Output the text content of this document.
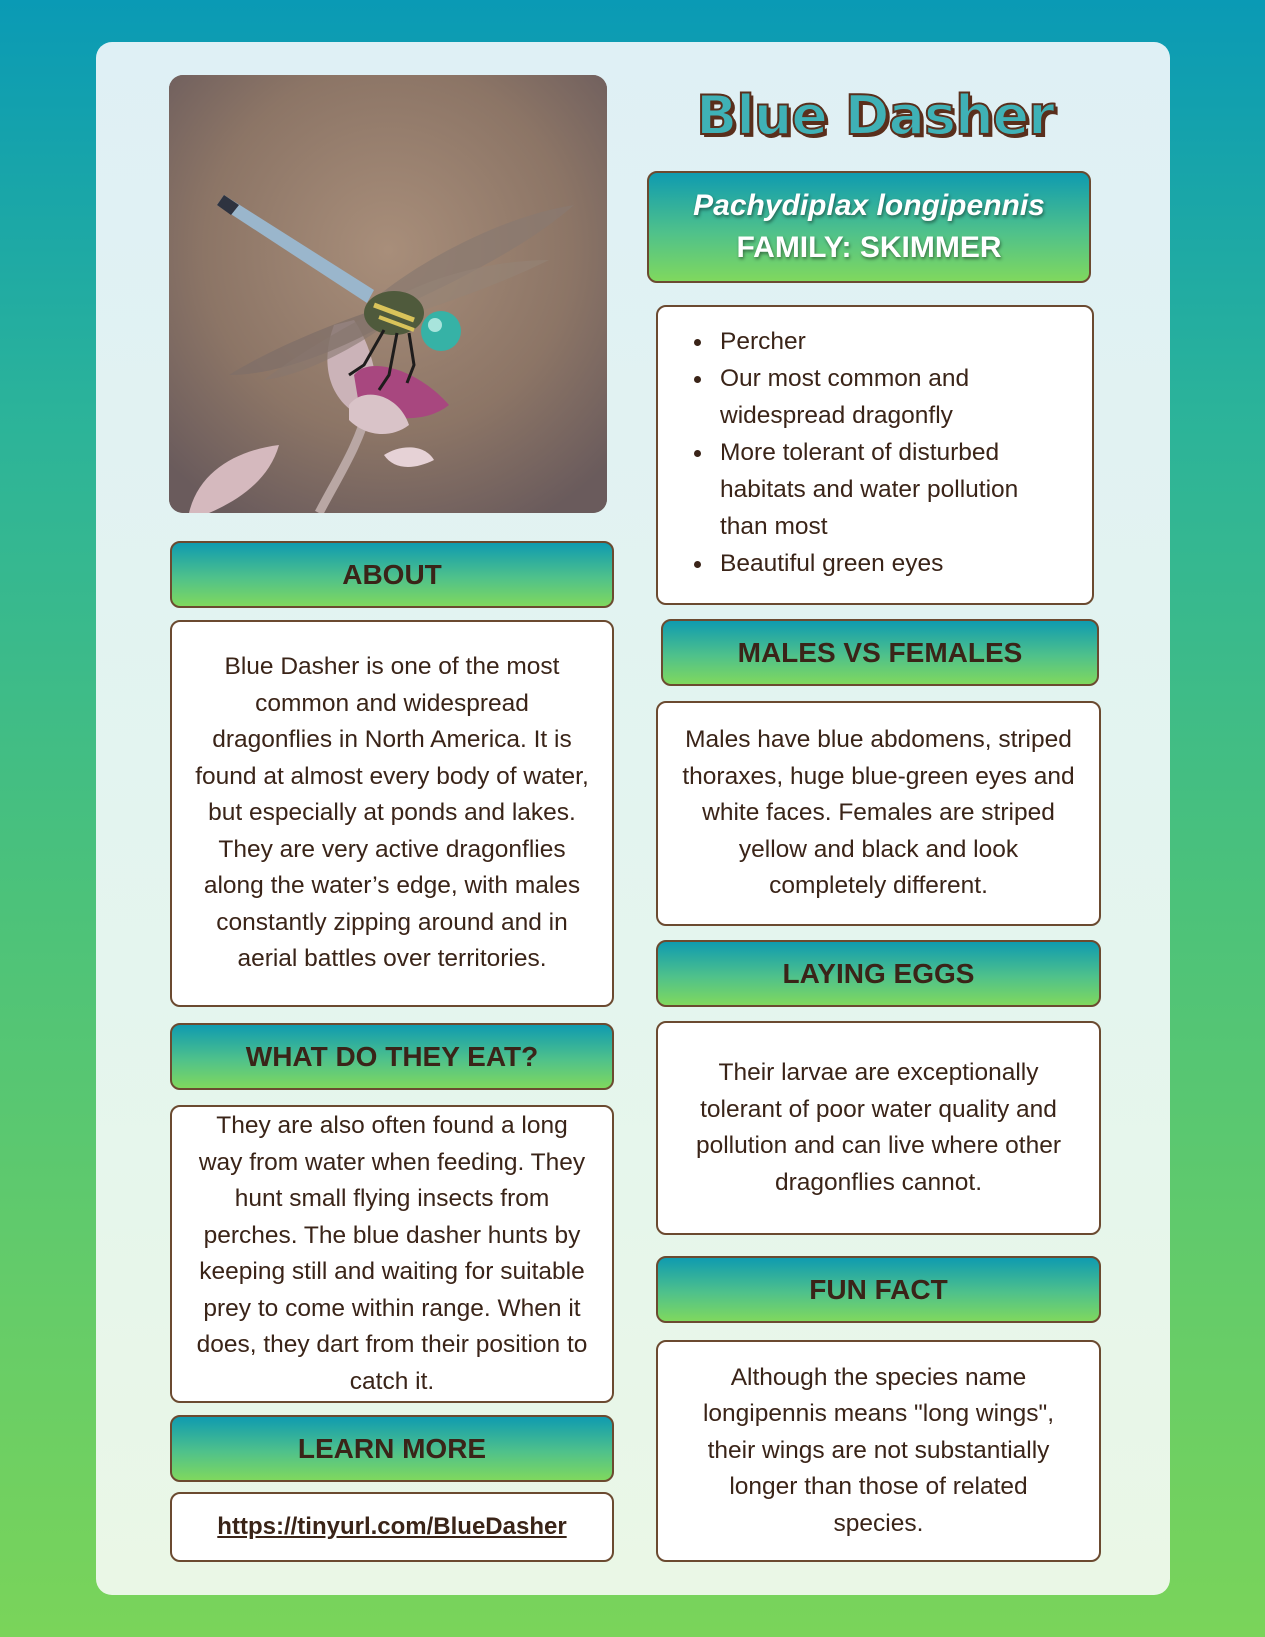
Blue Dasher
Pachydiplax longipennis
FAMILY: SKIMMER
Percher
Our most common and widespread dragonfly
More tolerant of disturbed habitats and water pollution than most
Beautiful green eyes
ABOUT
Blue Dasher is one of the most common and widespread dragonflies in North America. It is found at almost every body of water, but especially at ponds and lakes. They are very active dragonflies along the water’s edge, with males constantly zipping around and in aerial battles over territories.
WHAT DO THEY EAT?
They are also often found a long way from water when feeding. They hunt small flying insects from perches. The blue dasher hunts by keeping still and waiting for suitable prey to come within range. When it does, they dart from their position to catch it.
LEARN MORE
https://tinyurl.com/BlueDasher
MALES VS FEMALES
Males have blue abdomens, striped thoraxes, huge blue-green eyes and white faces. Females are striped yellow and black and look completely different.
LAYING EGGS
Their larvae are exceptionally tolerant of poor water quality and pollution and can live where other dragonflies cannot.
FUN FACT
Although the species name longipennis means "long wings", their wings are not substantially longer than those of related species.
